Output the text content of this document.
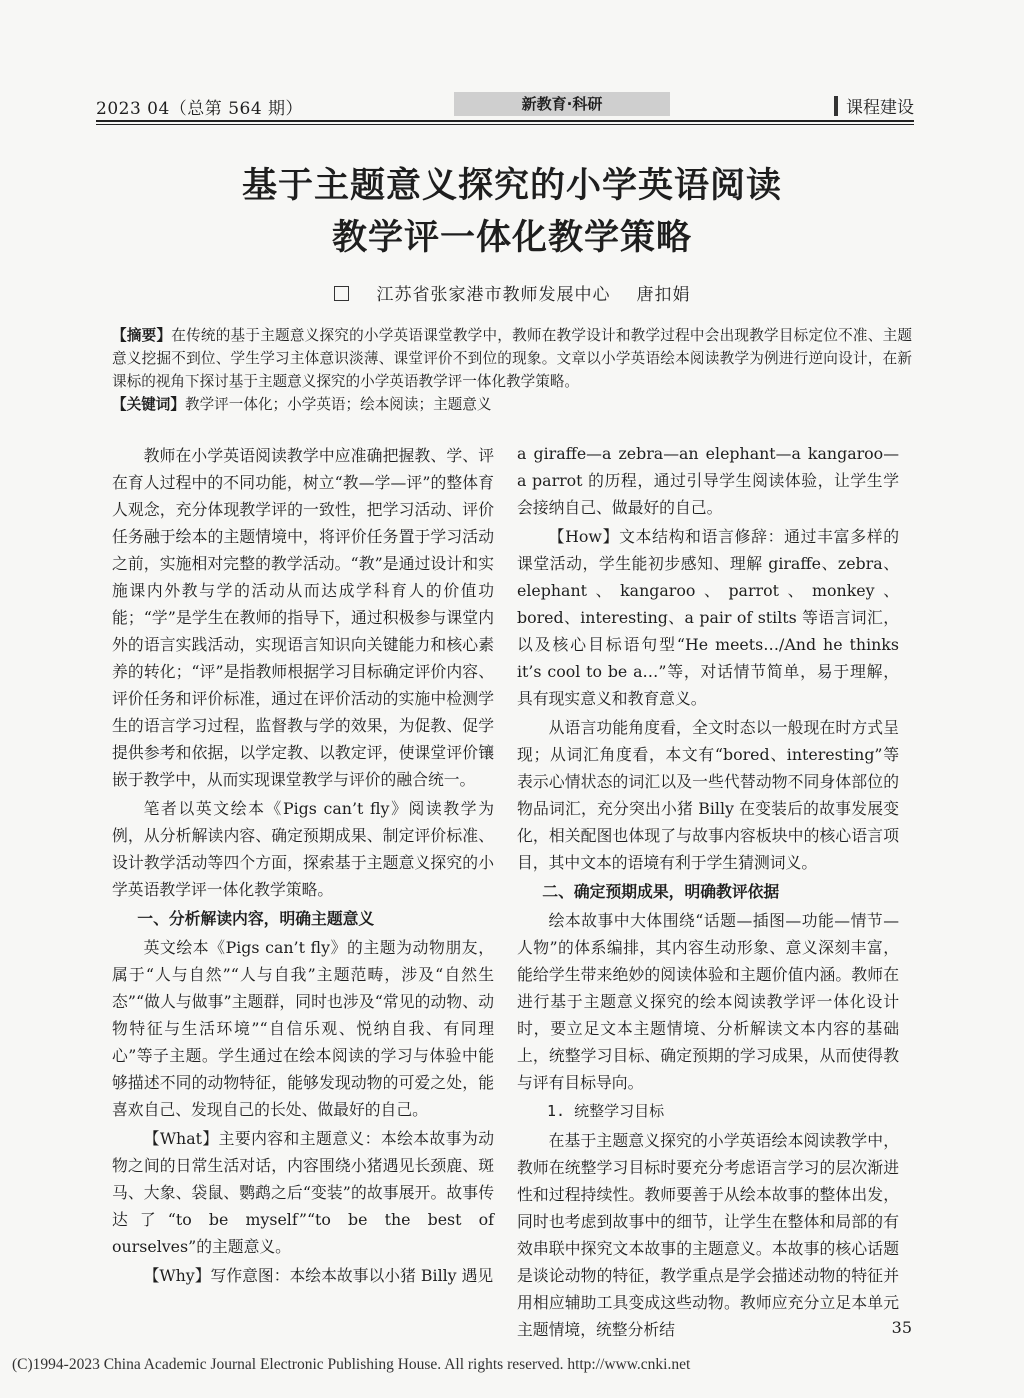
2023 04（总第 564 期）	新教育·科研	课程建设
基于主题意义探究的小学英语阅读
教学评一体化教学策略
江苏省张家港市教师发展中心 唐扣娟

【摘要】在传统的基于主题意义探究的小学英语课堂教学中，教师在教学设计和教学过程中会出现教学目标定位不准、主题意义挖掘不到位、学生学习主体意识淡薄、课堂评价不到位的现象。文章以小学英语绘本阅读教学为例进行逆向设计，在新课标的视角下探讨基于主题意义探究的小学英语教学评一体化教学策略。

【关键词】教学评一体化；小学英语；绘本阅读；主题意义

教师在小学英语阅读教学中应准确把握教、学、评在育人过程中的不同功能，树立“教—学—评”的整体育人观念，充分体现教学评的一致性，把学习活动、评价任务融于绘本的主题情境中，将评价任务置于学习活动之前，实施相对完整的教学活动。“教”是通过设计和实施课内外教与学的活动从而达成学科育人的价值功能；“学”是学生在教师的指导下，通过积极参与课堂内外的语言实践活动，实现语言知识向关键能力和核心素养的转化；“评”是指教师根据学习目标确定评价内容、评价任务和评价标准，通过在评价活动的实施中检测学生的语言学习过程，监督教与学的效果，为促教、促学提供参考和依据，以学定教、以教定评，使课堂评价镶嵌于教学中，从而实现课堂教学与评价的融合统一。

笔者以英文绘本《Pigs can’t fly》阅读教学为例，从分析解读内容、确定预期成果、制定评价标准、设计教学活动等四个方面，探索基于主题意义探究的小学英语教学评一体化教学策略。

一、分析解读内容，明确主题意义

英文绘本《Pigs can’t fly》的主题为动物朋友，属于“人与自然”“人与自我”主题范畴，涉及“自然生态”“做人与做事”主题群，同时也涉及“常见的动物、动物特征与生活环境”“自信乐观、悦纳自我、有同理心”等子主题。学生通过在绘本阅读的学习与体验中能够描述不同的动物特征，能够发现动物的可爱之处，能喜欢自己、发现自己的长处、做最好的自己。

【What】主要内容和主题意义：本绘本故事为动物之间的日常生活对话，内容围绕小猪遇见长颈鹿、斑马、大象、袋鼠、鹦鹉之后“变装”的故事展开。故事传达了“to be myself”“to be the best of ourselves”的主题意义。

【Why】写作意图：本绘本故事以小猪 Billy 遇见

a giraffe—a zebra—an elephant—a kangaroo—a parrot 的历程，通过引导学生阅读体验，让学生学会接纳自己、做最好的自己。

【How】文本结构和语言修辞：通过丰富多样的课堂活动，学生能初步感知、理解 giraffe、zebra、elephant、kangaroo、parrot、monkey、bored、interesting、a pair of stilts 等语言词汇，以及核心目标语句型“He meets…/And he thinks it’s cool to be a…”等，对话情节简单，易于理解，具有现实意义和教育意义。

从语言功能角度看，全文时态以一般现在时方式呈现；从词汇角度看，本文有“bored、interesting”等表示心情状态的词汇以及一些代替动物不同身体部位的物品词汇，充分突出小猪 Billy 在变装后的故事发展变化，相关配图也体现了与故事内容板块中的核心语言项目，其中文本的语境有利于学生猜测词义。

二、确定预期成果，明确教评依据

绘本故事中大体围绕“话题—插图—功能—情节—人物”的体系编排，其内容生动形象、意义深刻丰富，能给学生带来绝妙的阅读体验和主题价值内涵。教师在进行基于主题意义探究的绘本阅读教学评一体化设计时，要立足文本主题情境、分析解读文本内容的基础上，统整学习目标、确定预期的学习成果，从而使得教与评有目标导向。

1. 统整学习目标

在基于主题意义探究的小学英语绘本阅读教学中，教师在统整学习目标时要充分考虑语言学习的层次渐进性和过程持续性。教师要善于从绘本故事的整体出发，同时也考虑到故事中的细节，让学生在整体和局部的有效串联中探究文本故事的主题意义。本故事的核心话题是谈论动物的特征，教学重点是学会描述动物的特征并用相应辅助工具变成这些动物。教师应充分立足本单元主题情境，统整分析结	35
(C)1994-2023 China Academic Journal Electronic Publishing House. All rights reserved. http://www.cnki.net
